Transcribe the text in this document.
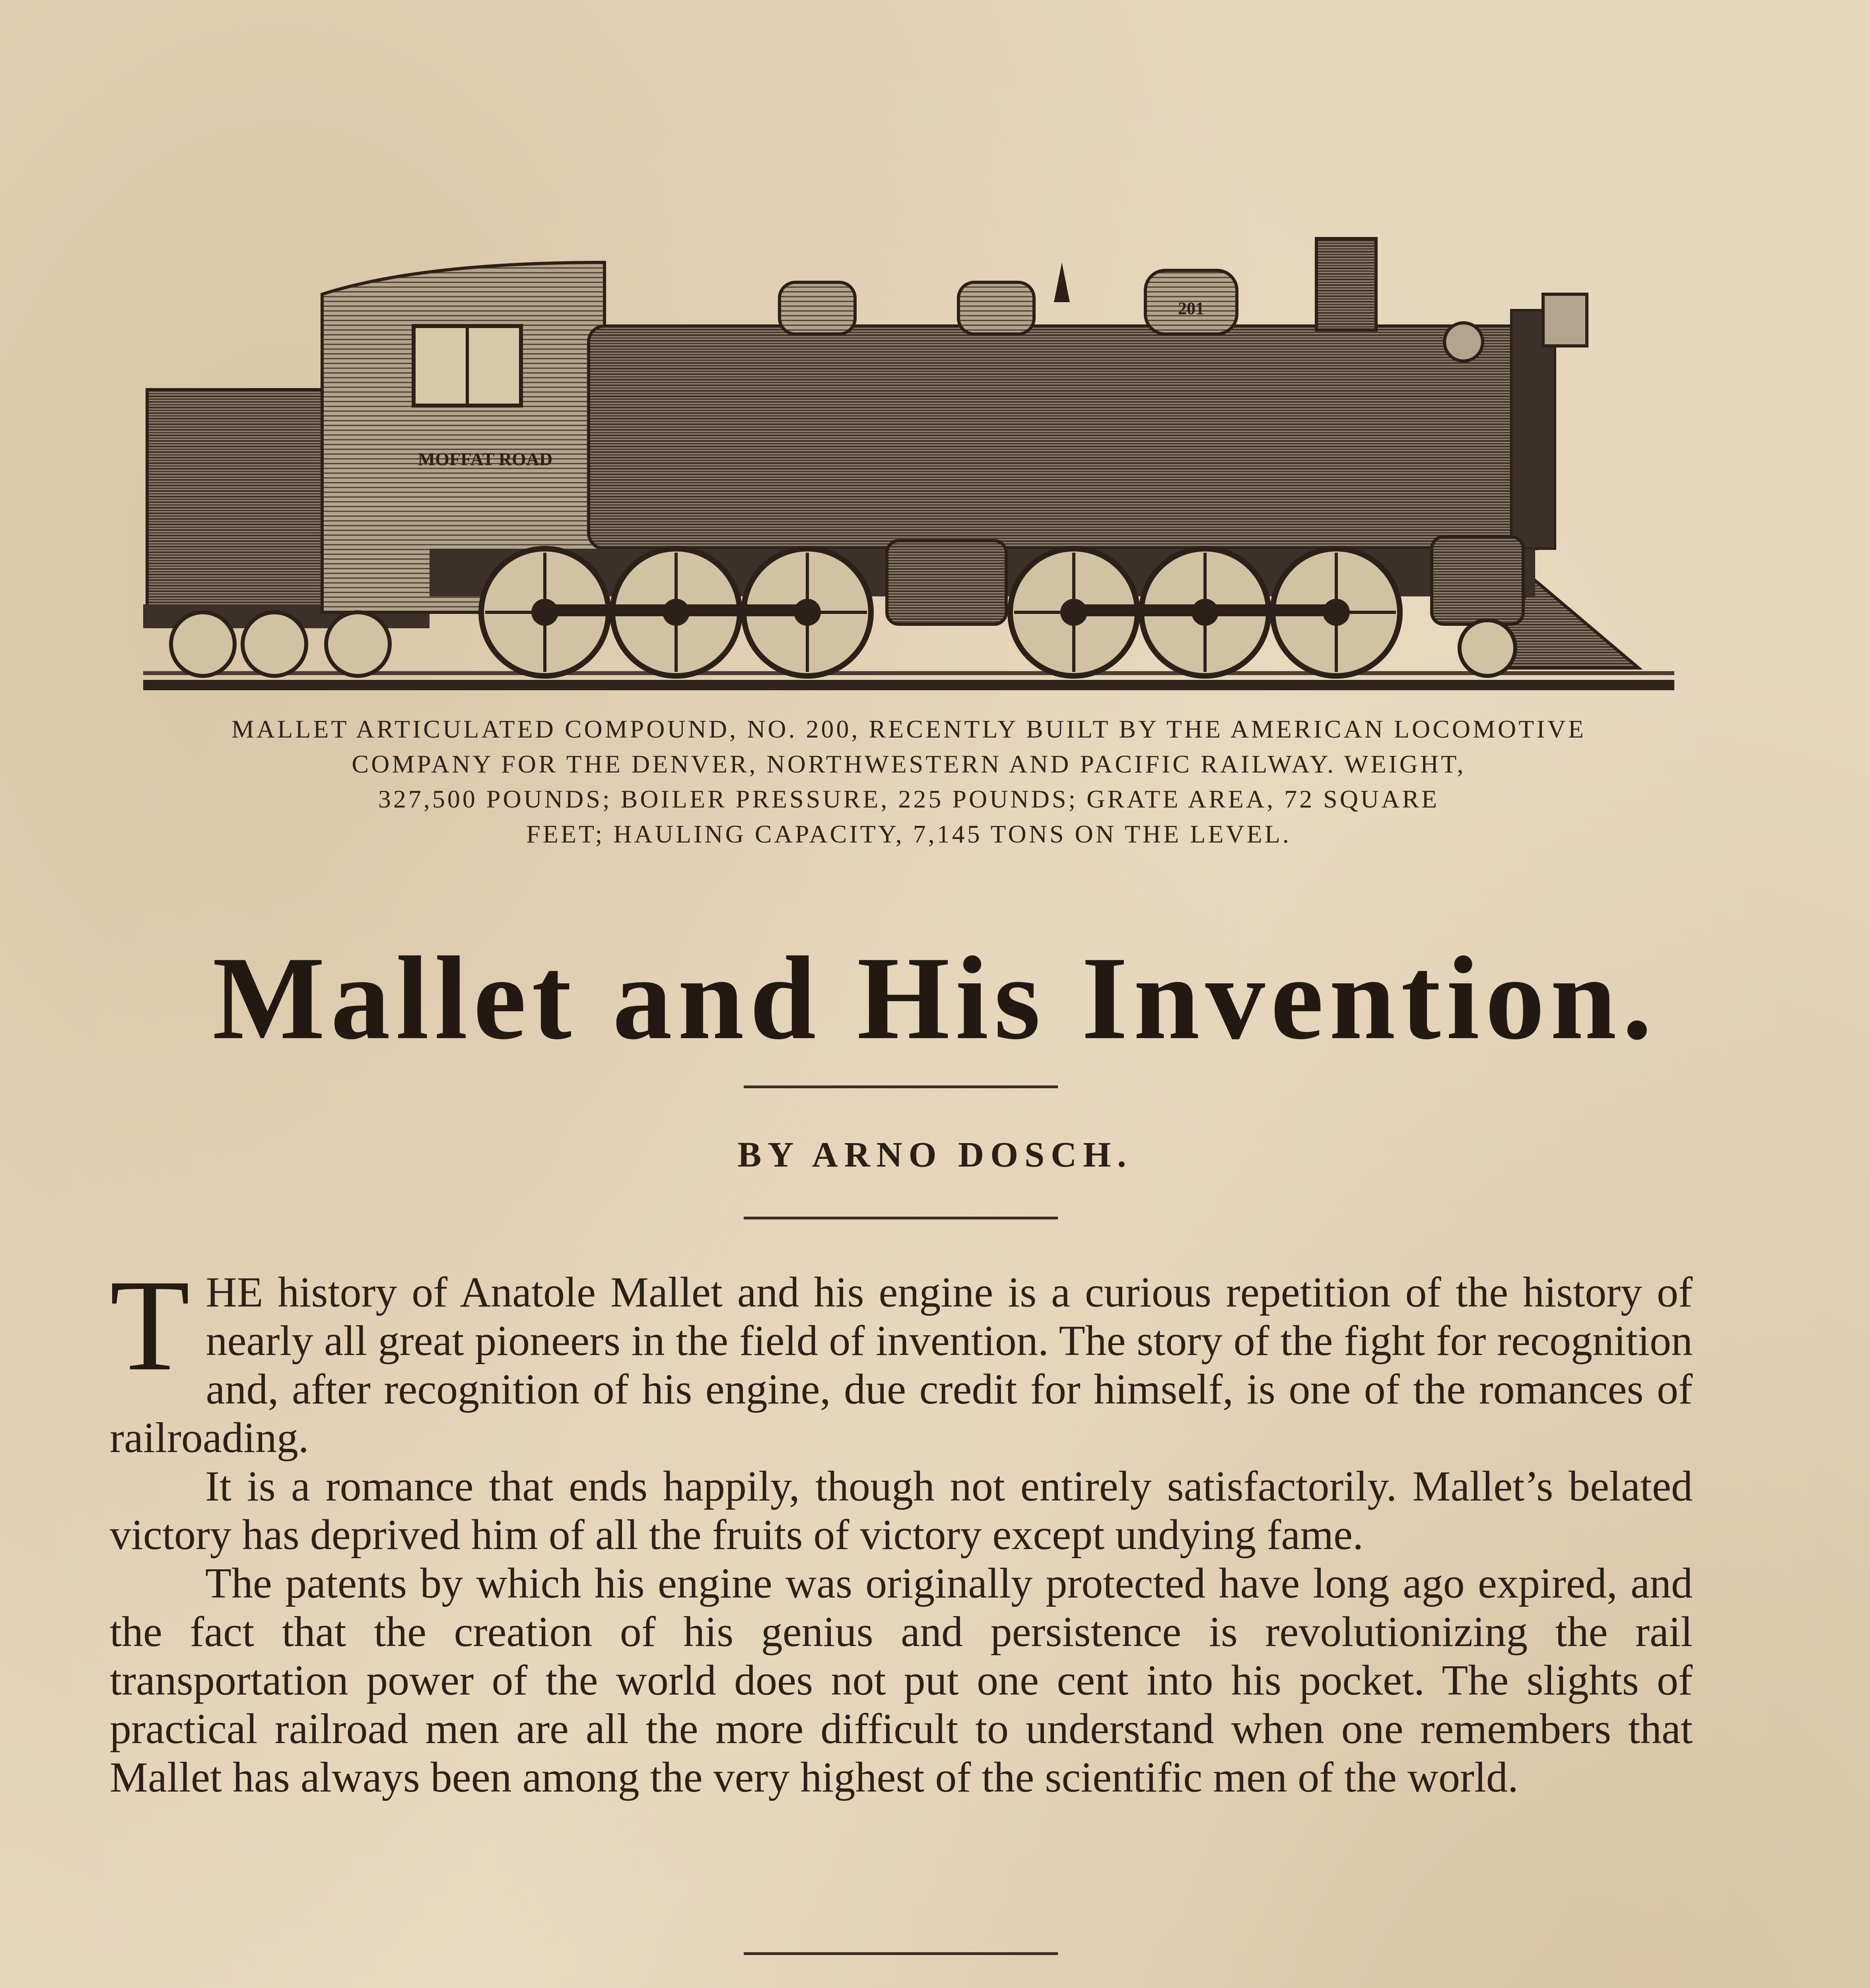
MOFFAT ROAD
201
MALLET ARTICULATED COMPOUND, NO. 200, RECENTLY BUILT BY THE AMERICAN LOCOMOTIVE
COMPANY FOR THE DENVER, NORTHWESTERN AND PACIFIC RAILWAY. WEIGHT,
327,500 POUNDS; BOILER PRESSURE, 225 POUNDS; GRATE AREA, 72 SQUARE
FEET; HAULING CAPACITY, 7,145 TONS ON THE LEVEL.
Mallet and His Invention.
BY ARNO DOSCH.

THE history of Anatole Mallet and his engine is a curious repetition of the history of nearly all great pioneers in the field of invention. The story of the fight for recognition and, after recognition of his engine, due credit for himself, is one of the romances of railroading.

It is a romance that ends happily, though not entirely satisfactorily. Mallet’s belated victory has deprived him of all the fruits of victory except undying fame.

The patents by which his engine was originally protected have long ago expired, and the fact that the creation of his genius and persistence is revolutionizing the rail transportation power of the world does not put one cent into his pocket. The slights of practical railroad men are all the more difficult to understand when one remembers that Mallet has always been among the very highest of the scientific men of the world.
